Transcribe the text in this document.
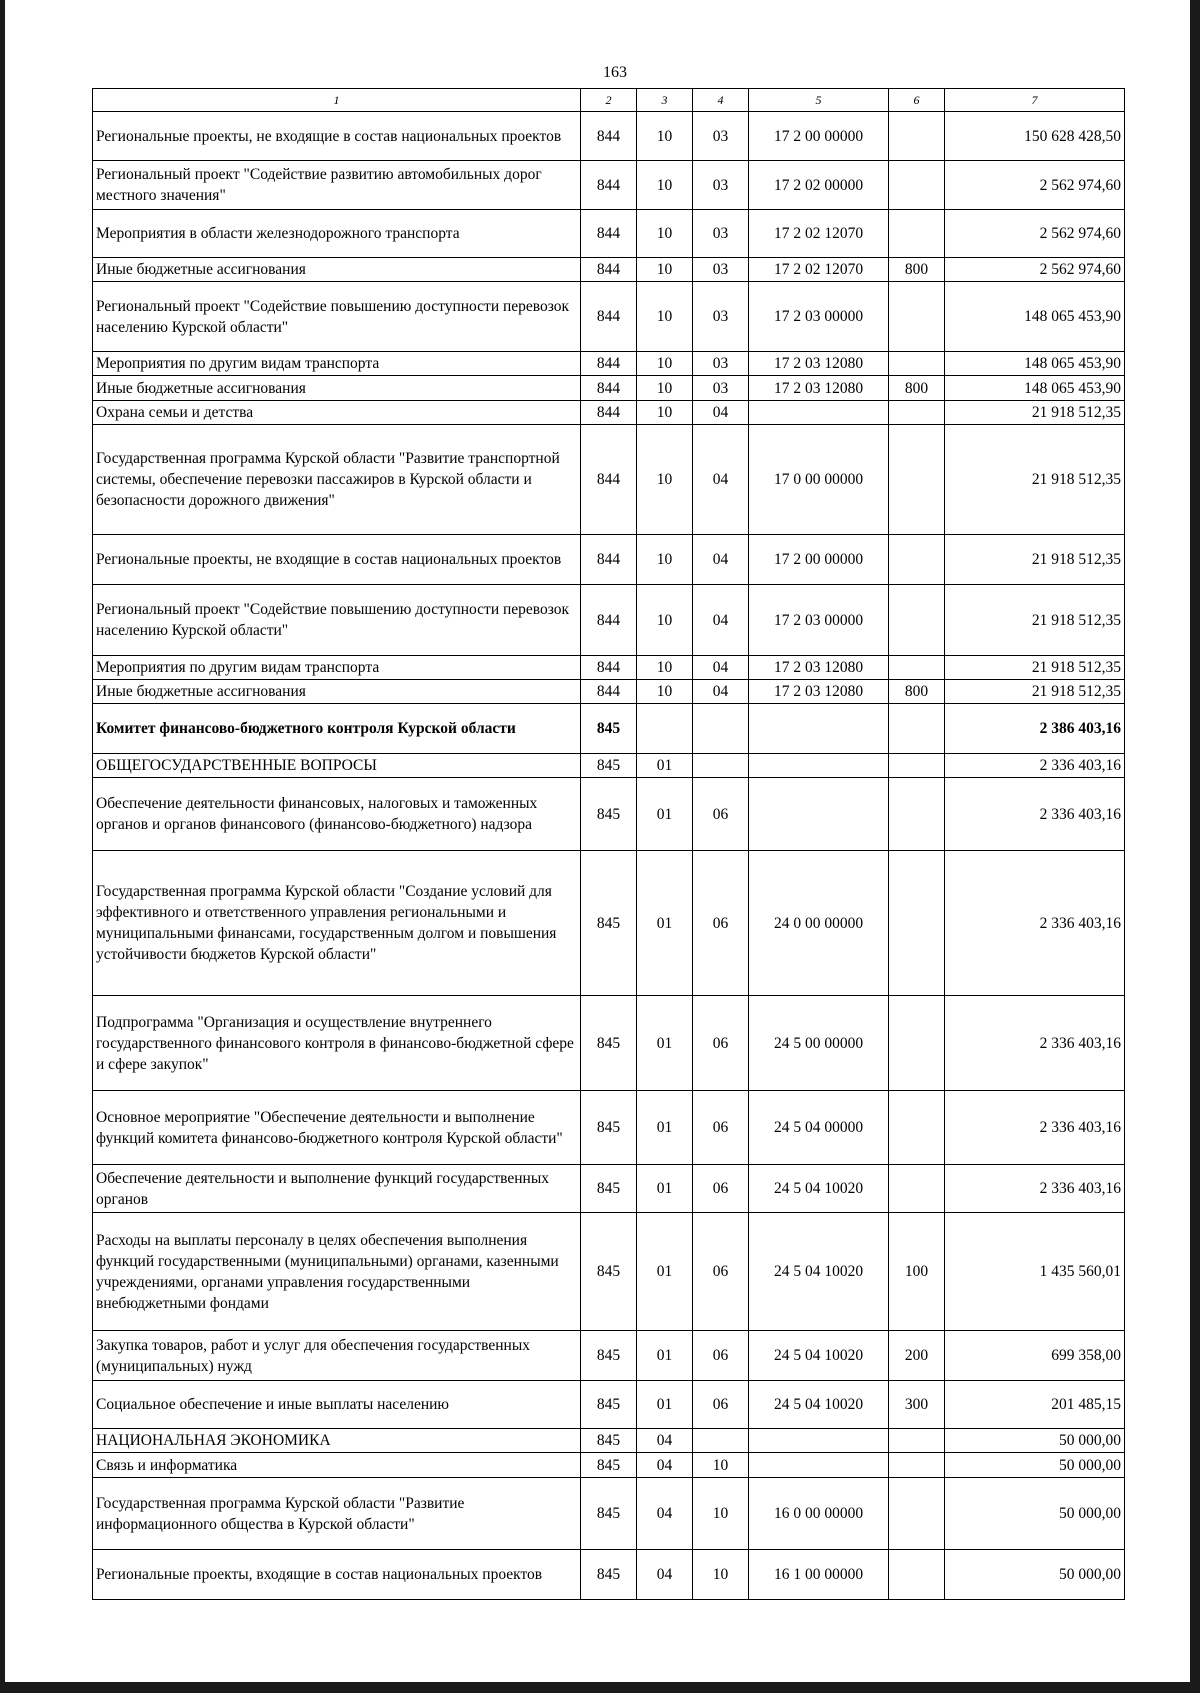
163
1	2	3	4	5	6	7
Региональные проекты, не входящие в состав национальных проектов	844	10	03	17 2 00 00000		150 628 428,50
Региональный проект "Содействие развитию автомобильных дорог местного значения"	844	10	03	17 2 02 00000		2 562 974,60
Мероприятия в области железнодорожного транспорта	844	10	03	17 2 02 12070		2 562 974,60
Иные бюджетные ассигнования	844	10	03	17 2 02 12070	800	2 562 974,60
Региональный проект "Содействие повышению доступности перевозок населению Курской области"	844	10	03	17 2 03 00000		148 065 453,90
Мероприятия по другим видам транспорта	844	10	03	17 2 03 12080		148 065 453,90
Иные бюджетные ассигнования	844	10	03	17 2 03 12080	800	148 065 453,90
Охрана семьи и детства	844	10	04			21 918 512,35
Государственная программа Курской области "Развитие транспортной системы, обеспечение перевозки пассажиров в Курской области и безопасности дорожного движения"	844	10	04	17 0 00 00000		21 918 512,35
Региональные проекты, не входящие в состав национальных проектов	844	10	04	17 2 00 00000		21 918 512,35
Региональный проект "Содействие повышению доступности перевозок населению Курской области"	844	10	04	17 2 03 00000		21 918 512,35
Мероприятия по другим видам транспорта	844	10	04	17 2 03 12080		21 918 512,35
Иные бюджетные ассигнования	844	10	04	17 2 03 12080	800	21 918 512,35
Комитет финансово-бюджетного контроля Курской области	845					2 386 403,16
ОБЩЕГОСУДАРСТВЕННЫЕ ВОПРОСЫ	845	01				2 336 403,16
Обеспечение деятельности финансовых, налоговых и таможенных органов и органов финансового (финансово-бюджетного) надзора	845	01	06			2 336 403,16
Государственная программа Курской области "Создание условий для эффективного и ответственного управления региональными и муниципальными финансами, государственным долгом и повышения устойчивости бюджетов Курской области"	845	01	06	24 0 00 00000		2 336 403,16
Подпрограмма "Организация и осуществление внутреннего государственного финансового контроля в финансово-бюджетной сфере и сфере закупок"	845	01	06	24 5 00 00000		2 336 403,16
Основное мероприятие "Обеспечение деятельности и выполнение функций комитета финансово-бюджетного контроля Курской области"	845	01	06	24 5 04 00000		2 336 403,16
Обеспечение деятельности и выполнение функций государственных органов	845	01	06	24 5 04 10020		2 336 403,16
Расходы на выплаты персоналу в целях обеспечения выполнения функций государственными (муниципальными) органами, казенными учреждениями, органами управления государственными внебюджетными фондами	845	01	06	24 5 04 10020	100	1 435 560,01
Закупка товаров, работ и услуг для обеспечения государственных (муниципальных) нужд	845	01	06	24 5 04 10020	200	699 358,00
Социальное обеспечение и иные выплаты населению	845	01	06	24 5 04 10020	300	201 485,15
НАЦИОНАЛЬНАЯ ЭКОНОМИКА	845	04				50 000,00
Связь и информатика	845	04	10			50 000,00
Государственная программа Курской области "Развитие информационного общества в Курской области"	845	04	10	16 0 00 00000		50 000,00
Региональные проекты, входящие в состав национальных проектов	845	04	10	16 1 00 00000		50 000,00
